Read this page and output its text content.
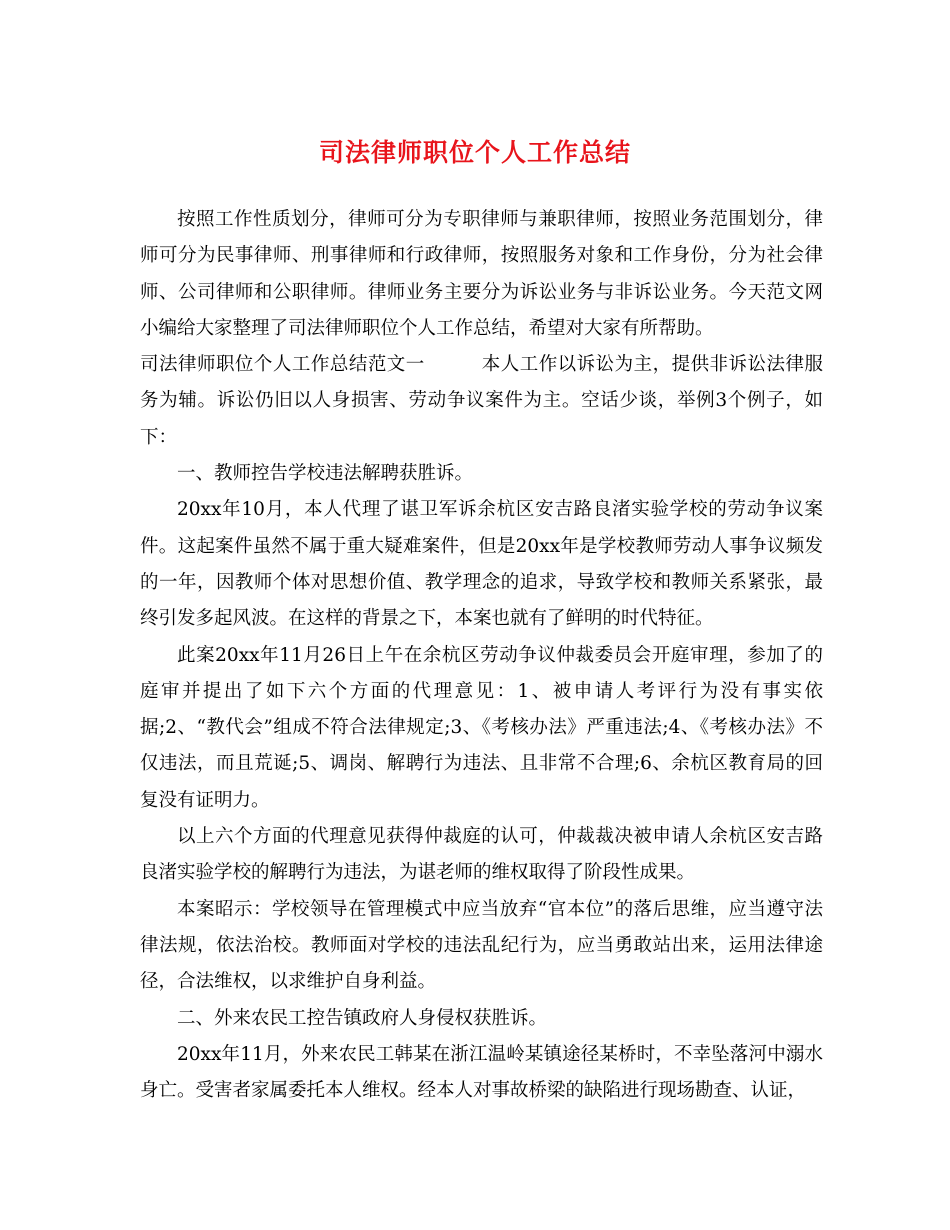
司法律师职位个人工作总结

按照工作性质划分，律师可分为专职律师与兼职律师，按照业务范围划分，律师可分为民事律师、刑事律师和行政律师，按照服务对象和工作身份，分为社会律师、公司律师和公职律师。律师业务主要分为诉讼业务与非诉讼业务。今天范文网小编给大家整理了司法律师职位个人工作总结，希望对大家有所帮助。

司法律师职位个人工作总结范文一　　　本人工作以诉讼为主，提供非诉讼法律服务为辅。诉讼仍旧以人身损害、劳动争议案件为主。空话少谈，举例3个例子，如下：

一、教师控告学校违法解聘获胜诉。

20xx年10月，本人代理了谌卫军诉余杭区安吉路良渚实验学校的劳动争议案件。这起案件虽然不属于重大疑难案件，但是20xx年是学校教师劳动人事争议频发的一年，因教师个体对思想价值、教学理念的追求，导致学校和教师关系紧张，最终引发多起风波。在这样的背景之下，本案也就有了鲜明的时代特征。

此案20xx年11月26日上午在余杭区劳动争议仲裁委员会开庭审理，参加了的庭审并提出了如下六个方面的代理意见：1、被申请人考评行为没有事实依据;2、“教代会”组成不符合法律规定;3、《考核办法》严重违法;4、《考核办法》不仅违法，而且荒诞;5、调岗、解聘行为违法、且非常不合理;6、余杭区教育局的回复没有证明力。

以上六个方面的代理意见获得仲裁庭的认可，仲裁裁决被申请人余杭区安吉路良渚实验学校的解聘行为违法，为谌老师的维权取得了阶段性成果。

本案昭示：学校领导在管理模式中应当放弃“官本位”的落后思维，应当遵守法律法规，依法治校。教师面对学校的违法乱纪行为，应当勇敢站出来，运用法律途径，合法维权，以求维护自身利益。

二、外来农民工控告镇政府人身侵权获胜诉。

20xx年11月，外来农民工韩某在浙江温岭某镇途径某桥时，不幸坠落河中溺水身亡。受害者家属委托本人维权。经本人对事故桥梁的缺陷进行现场勘查、认证，
